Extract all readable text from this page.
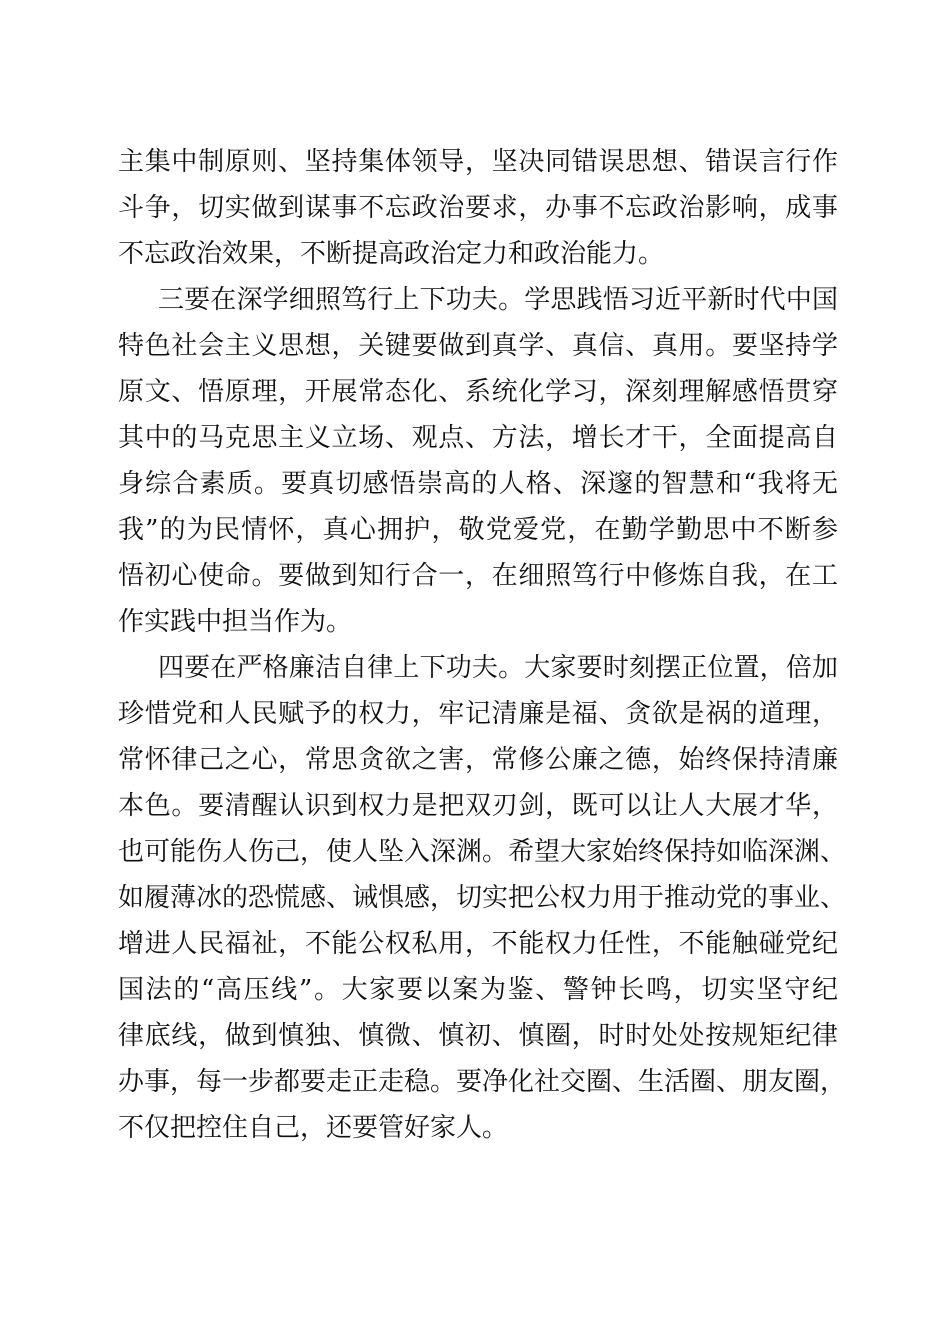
主集中制原则、坚持集体领导，坚决同错误思想、错误言行作
斗争，切实做到谋事不忘政治要求，办事不忘政治影响，成事
不忘政治效果，不断提高政治定力和政治能力。
三要在深学细照笃行上下功夫。学思践悟习近平新时代中国
特色社会主义思想，关键要做到真学、真信、真用。要坚持学
原文、悟原理，开展常态化、系统化学习，深刻理解感悟贯穿
其中的马克思主义立场、观点、方法，增长才干，全面提高自
身综合素质。要真切感悟崇高的人格、深邃的智慧和“我将无
我”的为民情怀，真心拥护，敬党爱党，在勤学勤思中不断参
悟初心使命。要做到知行合一，在细照笃行中修炼自我，在工
作实践中担当作为。
四要在严格廉洁自律上下功夫。大家要时刻摆正位置，倍加
珍惜党和人民赋予的权力，牢记清廉是福、贪欲是祸的道理，
常怀律己之心，常思贪欲之害，常修公廉之德，始终保持清廉
本色。要清醒认识到权力是把双刃剑，既可以让人大展才华，
也可能伤人伤己，使人坠入深渊。希望大家始终保持如临深渊、
如履薄冰的恐慌感、诫惧感，切实把公权力用于推动党的事业、
增进人民福祉，不能公权私用，不能权力任性，不能触碰党纪
国法的“高压线”。大家要以案为鉴、警钟长鸣，切实坚守纪
律底线，做到慎独、慎微、慎初、慎圈，时时处处按规矩纪律
办事，每一步都要走正走稳。要净化社交圈、生活圈、朋友圈，
不仅把控住自己，还要管好家人。
